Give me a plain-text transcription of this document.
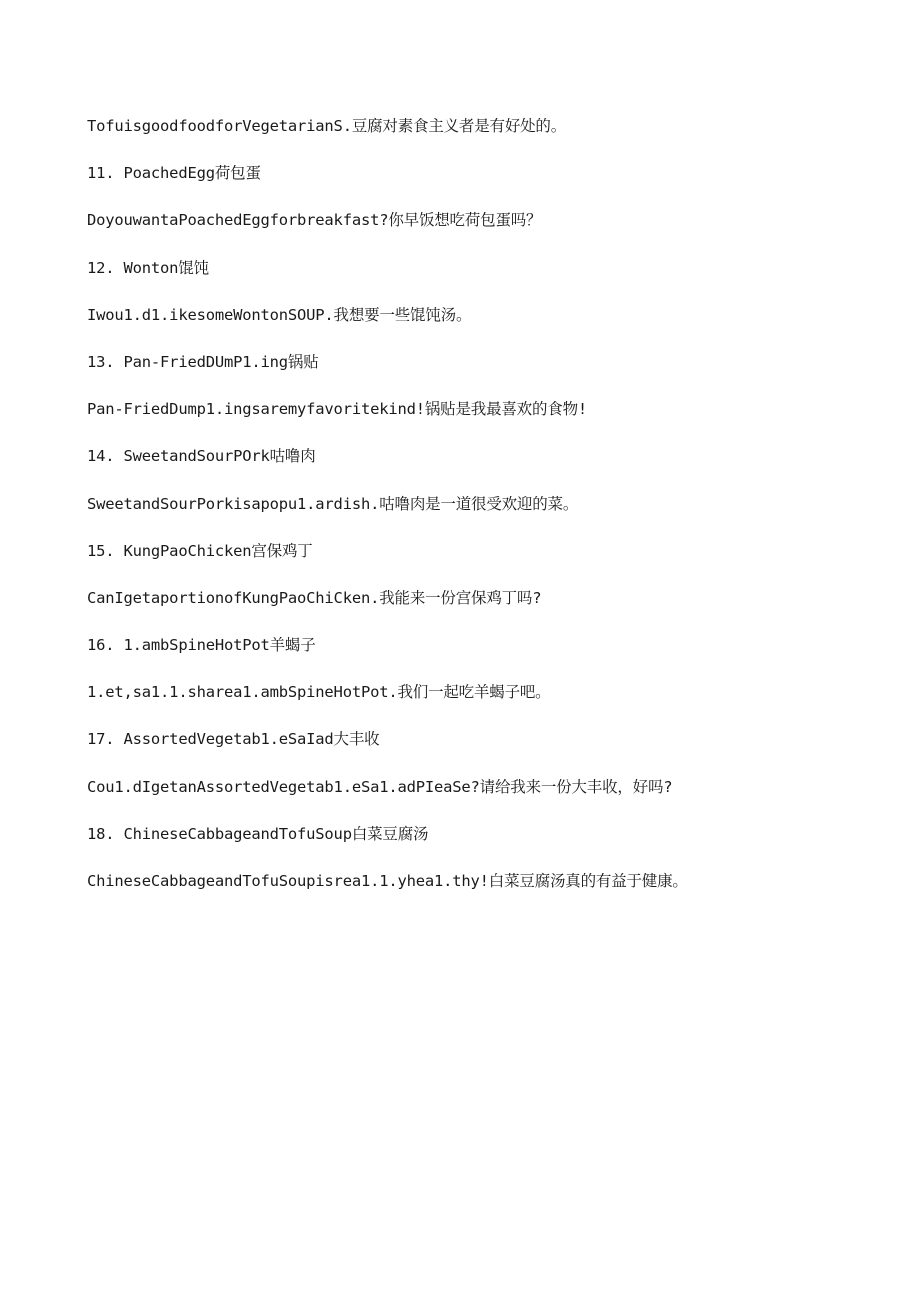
TofuisgoodfoodforVegetarianS.豆腐对素食主义者是有好处的。
11. PoachedEgg荷包蛋
DoyouwantaPoachedEggforbreakfast?你早饭想吃荷包蛋吗？
12. Wonton馄饨
Iwou1.d1.ikesomeWontonSOUP.我想要一些馄饨汤。
13. Pan-FriedDUmP1.ing锅贴
Pan-FriedDump1.ingsaremyfavoritekind!锅贴是我最喜欢的食物!
14. SweetandSourPOrk咕噜肉
SweetandSourPorkisapopu1.ardish.咕噜肉是一道很受欢迎的菜。
15. KungPaoChicken宫保鸡丁
CanIgetaportionofKungPaoChiCken.我能来一份宫保鸡丁吗?
16. 1.ambSpineHotPot羊蝎子
1.et,sa1.1.sharea1.ambSpineHotPot.我们一起吃羊蝎子吧。
17. AssortedVegetab1.eSaIad大丰收
Cou1.dIgetanAssortedVegetab1.eSa1.adPIeaSe?请给我来一份大丰收，好吗?
18. ChineseCabbageandTofuSoup白菜豆腐汤
ChineseCabbageandTofuSoupisrea1.1.yhea1.thy!白菜豆腐汤真的有益于健康。
